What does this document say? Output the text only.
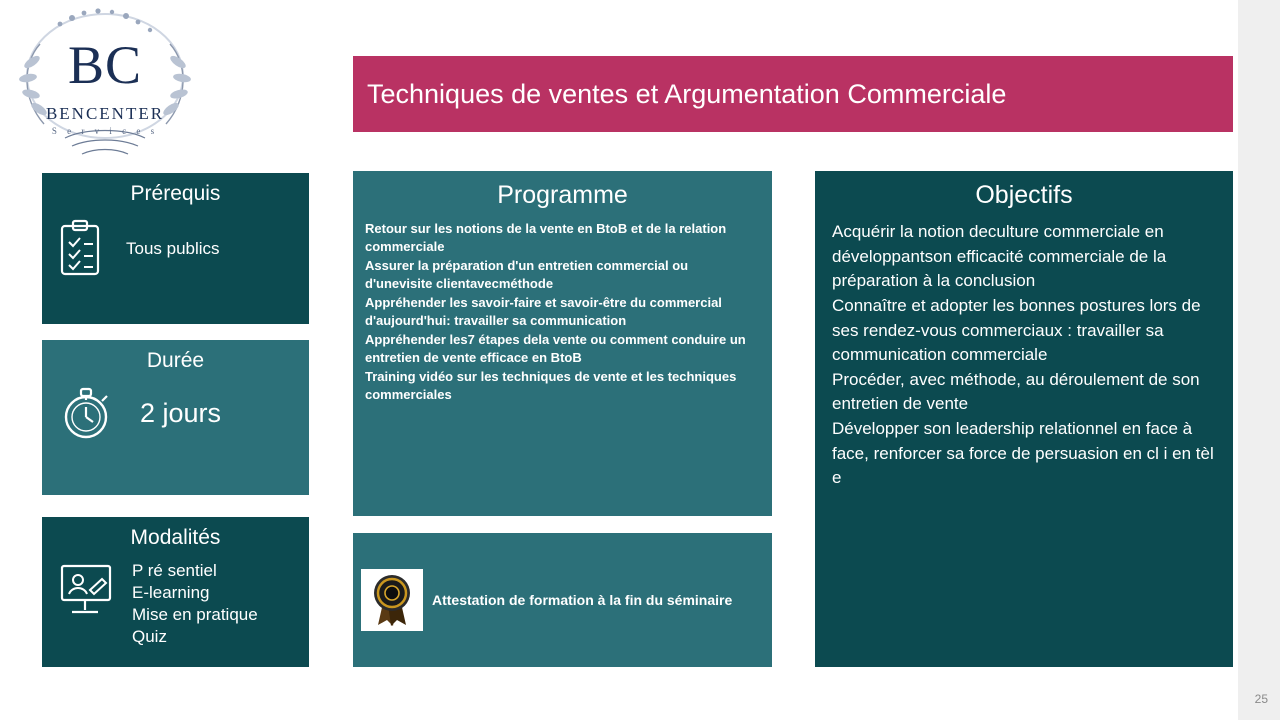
BC
BENCENTER
S e r v i c e s
Techniques de ventes et Argumentation Commerciale
Prérequis
Tous publics
Durée
2 jours
Modalités
P ré sentiel
E-learning
Mise en pratique
Quiz
Programme
Retour sur les notions de la vente en BtoB et de la relation commerciale
Assurer la préparation d'un entretien commercial ou d'unevisite clientavecméthode
Appréhender les savoir-faire et savoir-être du commercial d'aujourd'hui: travailler sa communication
Appréhender les7 étapes dela vente ou comment conduire un entretien de vente efficace en BtoB
Training vidéo sur les techniques de vente et les techniques commerciales
Attestation de formation à la fin du séminaire
Objectifs
Acquérir la notion deculture commerciale en développantson efficacité commerciale de la préparation à la conclusion
Connaître et adopter les bonnes postures lors de ses rendez-vous commerciaux : travailler sa communication commerciale
Procéder, avec méthode, au déroulement de son entretien de vente
Développer son leadership relationnel en face à face, renforcer sa force de persuasion en cl i en tèl e
25
